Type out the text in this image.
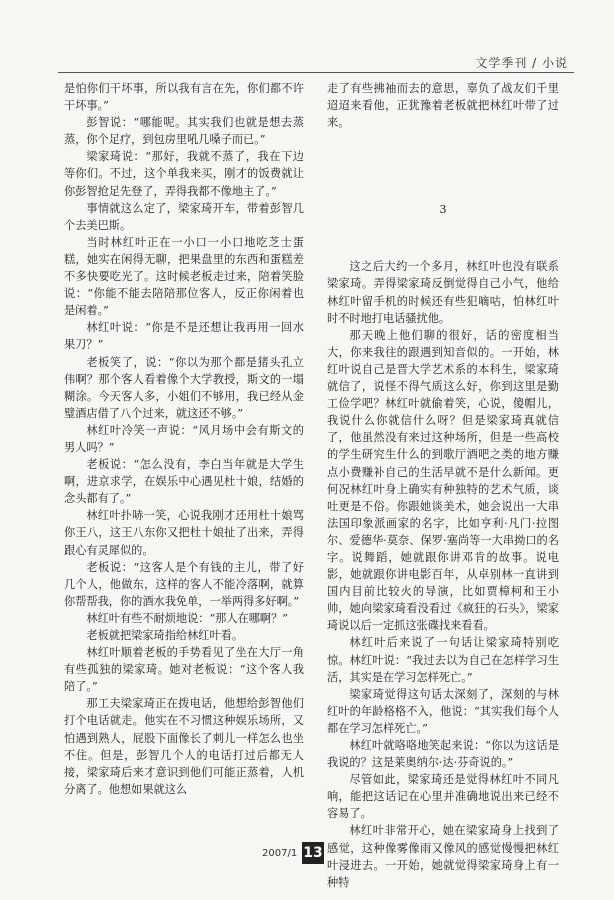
文学季刊 / 小说

是怕你们干坏事，所以我有言在先，你们都不许干坏事。”

彭智说：“哪能呢。其实我们也就是想去蒸蒸，你个足疗，到包房里吼几嗓子而已。”

梁家琦说：“那好，我就不蒸了，我在下边等你们。不过，这个单我来买，刚才的饭费就让你彭智抢足先登了，弄得我都不像地主了。”

事情就这么定了，梁家琦开车，带着彭智几个去美巴斯。

当时林红叶正在一小口一小口地吃芝士蛋糕，她实在闲得无聊，把果盘里的东西和蛋糕差不多快要吃光了。这时候老板走过来，陪着笑脸说：“你能不能去陪陪那位客人，反正你闲着也是闲着。”

林红叶说：“你是不是还想让我再用一回水果刀？”

老板笑了，说：“你以为那个都是猪头孔立伟啊？那个客人看着像个大学教授，斯文的一塌糊涂。今天客人多，小姐们不够用，我已经从金璧酒店借了八个过来，就这还不够。”

林红叶冷笑一声说：“风月场中会有斯文的男人吗？”

老板说：“怎么没有，李白当年就是大学生啊，进京求学，在娱乐中心遇见杜十娘，结婚的念头都有了。”

林红叶扑哧一笑，心说我刚才还用杜十娘骂你王八，这王八东你又把杜十娘扯了出来，弄得跟心有灵犀似的。

老板说：“这客人是个有钱的主儿，带了好几个人，他做东，这样的客人不能冷落啊，就算你帮帮我，你的酒水我免单，一举两得多好啊。”

林红叶有些不耐烦地说：“那人在哪啊？”

老板就把梁家琦指给林红叶看。

林红叶顺着老板的手势看见了坐在大厅一角有些孤独的梁家琦。她对老板说：“这个客人我陪了。”

那工夫梁家琦正在拨电话，他想给彭智他们打个电话就走。他实在不习惯这种娱乐场所，又怕遇到熟人，屁股下面像长了刺儿一样怎么也坐不住。但是，彭智几个人的电话打过后都无人接，梁家琦后来才意识到他们可能正蒸着，人机分离了。他想如果就这么

走了有些拂袖而去的意思，辜负了战友们千里迢迢来看他，正犹豫着老板就把林红叶带了过来。

3

这之后大约一个多月，林红叶也没有联系梁家琦。弄得梁家琦反倒觉得自己小气，他给林红叶留手机的时候还有些犯嘀咕，怕林红叶时不时地打电话骚扰他。

那天晚上他们聊的很好，话的密度相当大，你来我往的跟遇到知音似的。一开始，林红叶说自己是晋大学艺术系的本科生，梁家琦就信了，说怪不得气质这么好，你到这里是勤工俭学吧？林红叶就偷着笑，心说，傻帽儿，我说什么你就信什么呀？但是梁家琦真就信了，他虽然没有来过这种场所，但是一些高校的学生研究生什么的到歌厅酒吧之类的地方赚点小费赚补自己的生活早就不是什么新闻。更何况林红叶身上确实有种独特的艺术气质，谈吐更是不俗。你跟她谈美术，她会说出一大串法国印象派画家的名字，比如亨利·凡门·拉图尔、爱德华·莫奈、保罗·塞尚等一大串拗口的名字。说舞蹈，她就跟你讲邓肯的故事。说电影，她就跟你讲电影百年，从卓别林一直讲到国内目前比较火的导演，比如贾樟柯和王小帅，她向梁家琦看没看过《疯狂的石头》，梁家琦说以后一定抓这张碟找来看看。

林红叶后来说了一句话让梁家琦特别吃惊。林红叶说：“我过去以为自己在怎样学习生活，其实是在学习怎样死亡。”

梁家琦觉得这句话太深刻了，深刻的与林红叶的年龄格格不入，他说：“其实我们每个人都在学习怎样死亡。”

林红叶就咯咯地笑起来说：“你以为这话是我说的？这是莱奥纳尔·达·芬奇说的。”

尽管如此，梁家琦还是觉得林红叶不同凡响，能把这话记在心里并准确地说出来已经不容易了。

林红叶非常开心，她在梁家琦身上找到了感觉，这种像雾像雨又像风的感觉慢慢把林红叶浸进去。一开始，她就觉得梁家琦身上有一种特

2007/1 13
